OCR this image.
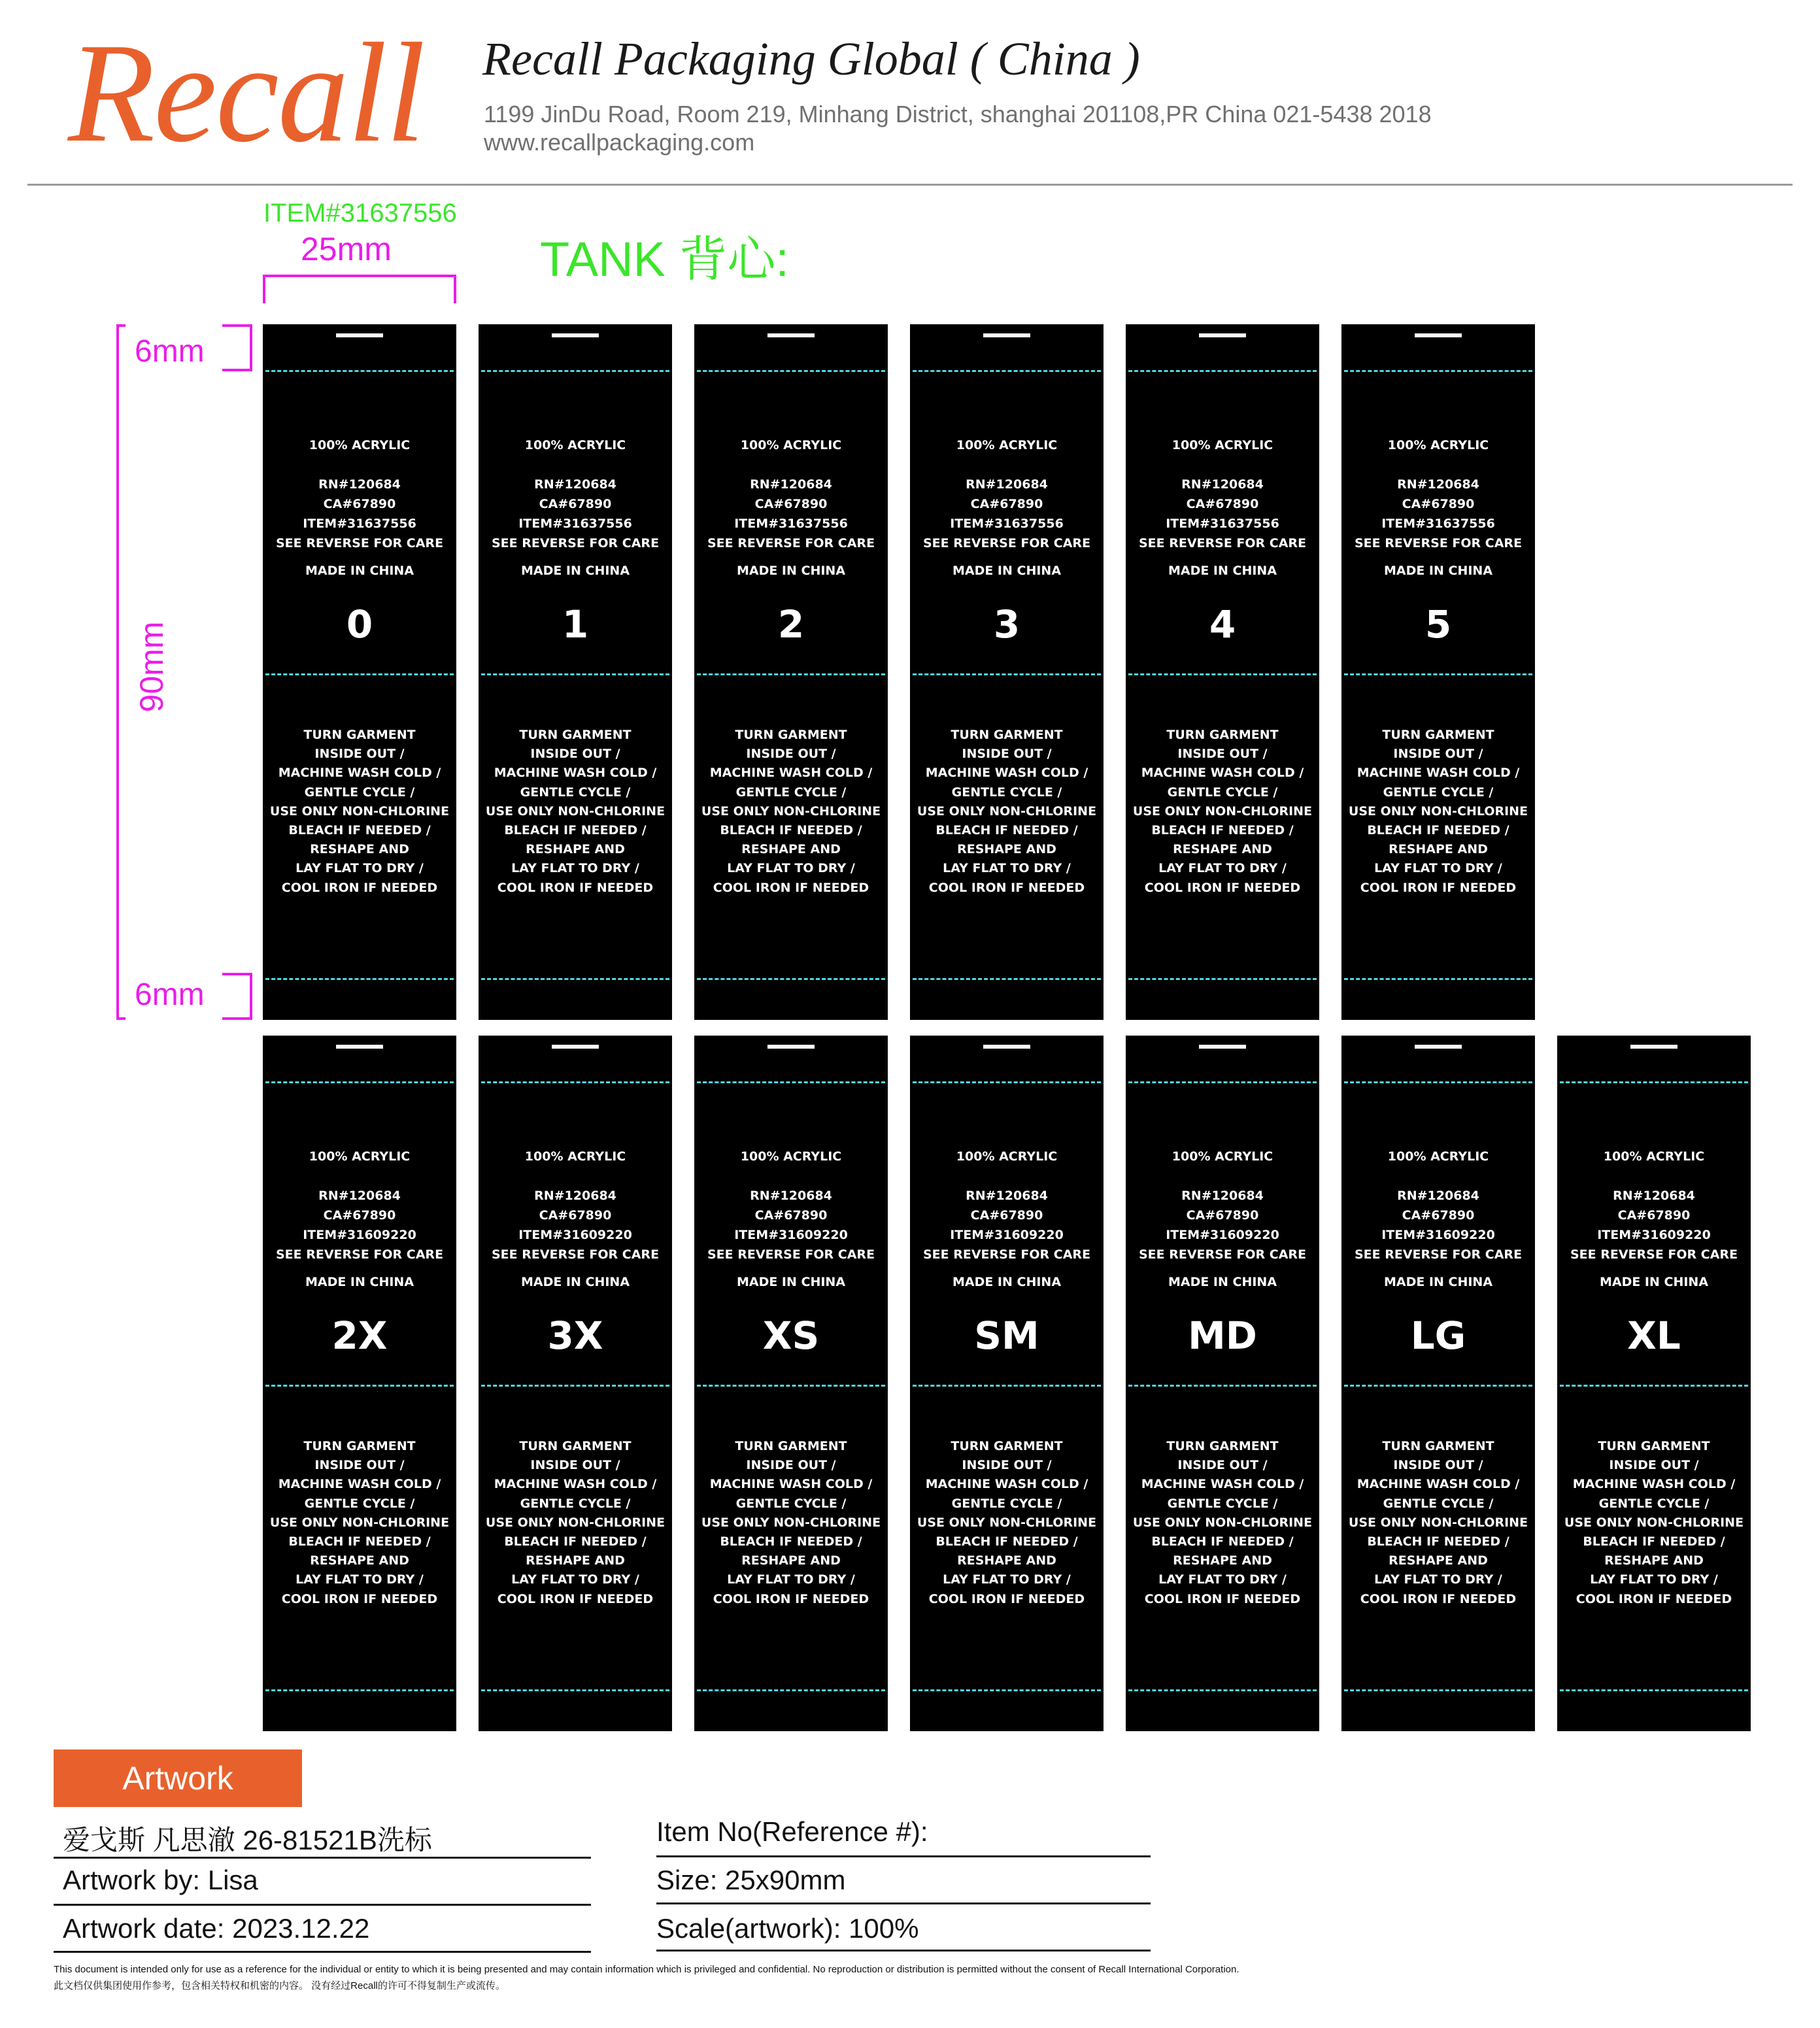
Recall Recall Packaging Global ( China )
1199 JinDu Road, Room 219, Minhang District, shanghai 201108,PR China 021-5438 2018
www.recallpackaging.com
ITEM#31637556
25mm	TANK 背心:
6mm
6mm
90mm
100% ACRYLIC
RN#120684
CA#67890
ITEM#31637556
SEE REVERSE FOR CARE
MADE IN CHINA
0
TURN GARMENT
INSIDE OUT /
MACHINE WASH COLD /
GENTLE CYCLE /
USE ONLY NON-CHLORINE
BLEACH IF NEEDED /
RESHAPE AND
LAY FLAT TO DRY /
COOL IRON IF NEEDED
100% ACRYLIC
RN#120684
CA#67890
ITEM#31637556
SEE REVERSE FOR CARE
MADE IN CHINA
1
TURN GARMENT
INSIDE OUT /
MACHINE WASH COLD /
GENTLE CYCLE /
USE ONLY NON-CHLORINE
BLEACH IF NEEDED /
RESHAPE AND
LAY FLAT TO DRY /
COOL IRON IF NEEDED
100% ACRYLIC
RN#120684
CA#67890
ITEM#31637556
SEE REVERSE FOR CARE
MADE IN CHINA
2
TURN GARMENT
INSIDE OUT /
MACHINE WASH COLD /
GENTLE CYCLE /
USE ONLY NON-CHLORINE
BLEACH IF NEEDED /
RESHAPE AND
LAY FLAT TO DRY /
COOL IRON IF NEEDED
100% ACRYLIC
RN#120684
CA#67890
ITEM#31637556
SEE REVERSE FOR CARE
MADE IN CHINA
3
TURN GARMENT
INSIDE OUT /
MACHINE WASH COLD /
GENTLE CYCLE /
USE ONLY NON-CHLORINE
BLEACH IF NEEDED /
RESHAPE AND
LAY FLAT TO DRY /
COOL IRON IF NEEDED
100% ACRYLIC
RN#120684
CA#67890
ITEM#31637556
SEE REVERSE FOR CARE
MADE IN CHINA
4
TURN GARMENT
INSIDE OUT /
MACHINE WASH COLD /
GENTLE CYCLE /
USE ONLY NON-CHLORINE
BLEACH IF NEEDED /
RESHAPE AND
LAY FLAT TO DRY /
COOL IRON IF NEEDED
100% ACRYLIC
RN#120684
CA#67890
ITEM#31637556
SEE REVERSE FOR CARE
MADE IN CHINA
5
TURN GARMENT
INSIDE OUT /
MACHINE WASH COLD /
GENTLE CYCLE /
USE ONLY NON-CHLORINE
BLEACH IF NEEDED /
RESHAPE AND
LAY FLAT TO DRY /
COOL IRON IF NEEDED
100% ACRYLIC
RN#120684
CA#67890
ITEM#31609220
SEE REVERSE FOR CARE
MADE IN CHINA
2X
TURN GARMENT
INSIDE OUT /
MACHINE WASH COLD /
GENTLE CYCLE /
USE ONLY NON-CHLORINE
BLEACH IF NEEDED /
RESHAPE AND
LAY FLAT TO DRY /
COOL IRON IF NEEDED
100% ACRYLIC
RN#120684
CA#67890
ITEM#31609220
SEE REVERSE FOR CARE
MADE IN CHINA
3X
TURN GARMENT
INSIDE OUT /
MACHINE WASH COLD /
GENTLE CYCLE /
USE ONLY NON-CHLORINE
BLEACH IF NEEDED /
RESHAPE AND
LAY FLAT TO DRY /
COOL IRON IF NEEDED
100% ACRYLIC
RN#120684
CA#67890
ITEM#31609220
SEE REVERSE FOR CARE
MADE IN CHINA
XS
TURN GARMENT
INSIDE OUT /
MACHINE WASH COLD /
GENTLE CYCLE /
USE ONLY NON-CHLORINE
BLEACH IF NEEDED /
RESHAPE AND
LAY FLAT TO DRY /
COOL IRON IF NEEDED
100% ACRYLIC
RN#120684
CA#67890
ITEM#31609220
SEE REVERSE FOR CARE
MADE IN CHINA
SM
TURN GARMENT
INSIDE OUT /
MACHINE WASH COLD /
GENTLE CYCLE /
USE ONLY NON-CHLORINE
BLEACH IF NEEDED /
RESHAPE AND
LAY FLAT TO DRY /
COOL IRON IF NEEDED
100% ACRYLIC
RN#120684
CA#67890
ITEM#31609220
SEE REVERSE FOR CARE
MADE IN CHINA
MD
TURN GARMENT
INSIDE OUT /
MACHINE WASH COLD /
GENTLE CYCLE /
USE ONLY NON-CHLORINE
BLEACH IF NEEDED /
RESHAPE AND
LAY FLAT TO DRY /
COOL IRON IF NEEDED
100% ACRYLIC
RN#120684
CA#67890
ITEM#31609220
SEE REVERSE FOR CARE
MADE IN CHINA
LG
TURN GARMENT
INSIDE OUT /
MACHINE WASH COLD /
GENTLE CYCLE /
USE ONLY NON-CHLORINE
BLEACH IF NEEDED /
RESHAPE AND
LAY FLAT TO DRY /
COOL IRON IF NEEDED
100% ACRYLIC
RN#120684
CA#67890
ITEM#31609220
SEE REVERSE FOR CARE
MADE IN CHINA
XL
TURN GARMENT
INSIDE OUT /
MACHINE WASH COLD /
GENTLE CYCLE /
USE ONLY NON-CHLORINE
BLEACH IF NEEDED /
RESHAPE AND
LAY FLAT TO DRY /
COOL IRON IF NEEDED
Artwork
爱戈斯 凡思澈 26-81521B洗标
Artwork by: Lisa
Artwork date: 2023.12.22
Item No(Reference #):
Size: 25x90mm
Scale(artwork): 100%
This document is intended only for use as a reference for the individual or entity to which it is being presented and may contain information which is privileged and confidential. No reproduction or distribution is permitted without the consent of Recall International Corporation.
此文档仅供集团使用作参考，包含相关特权和机密的内容。 没有经过Recall的许可不得复制生产或流传。
